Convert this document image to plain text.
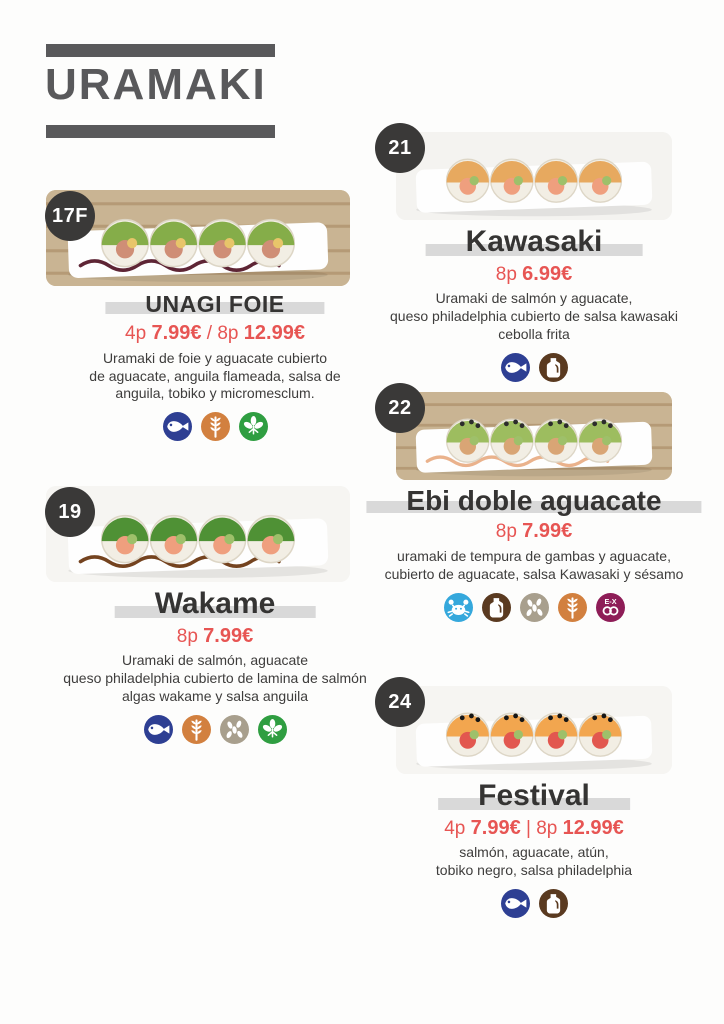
URAMAKI
17F
UNAGI FOIE

4p 7.99€ / 8p 12.99€

Uramaki de foie y aguacate cubierto
de aguacate, anguila flameada, salsa de
anguila, tobiko y micromesclum.
21
Kawasaki

8p 6.99€

Uramaki de salmón y aguacate,
queso philadelphia cubierto de salsa kawasaki
cebolla frita
19
Wakame

8p 7.99€

Uramaki de salmón, aguacate
queso philadelphia cubierto de lamina de salmón
algas wakame y salsa anguila
22
Ebi doble aguacate

8p 7.99€

uramaki de tempura de gambas y aguacate,
cubierto de aguacate, salsa Kawasaki y sésamo
E-X
24
Festival

4p 7.99€ | 8p 12.99€

salmón, aguacate, atún,
tobiko negro, salsa philadelphia
